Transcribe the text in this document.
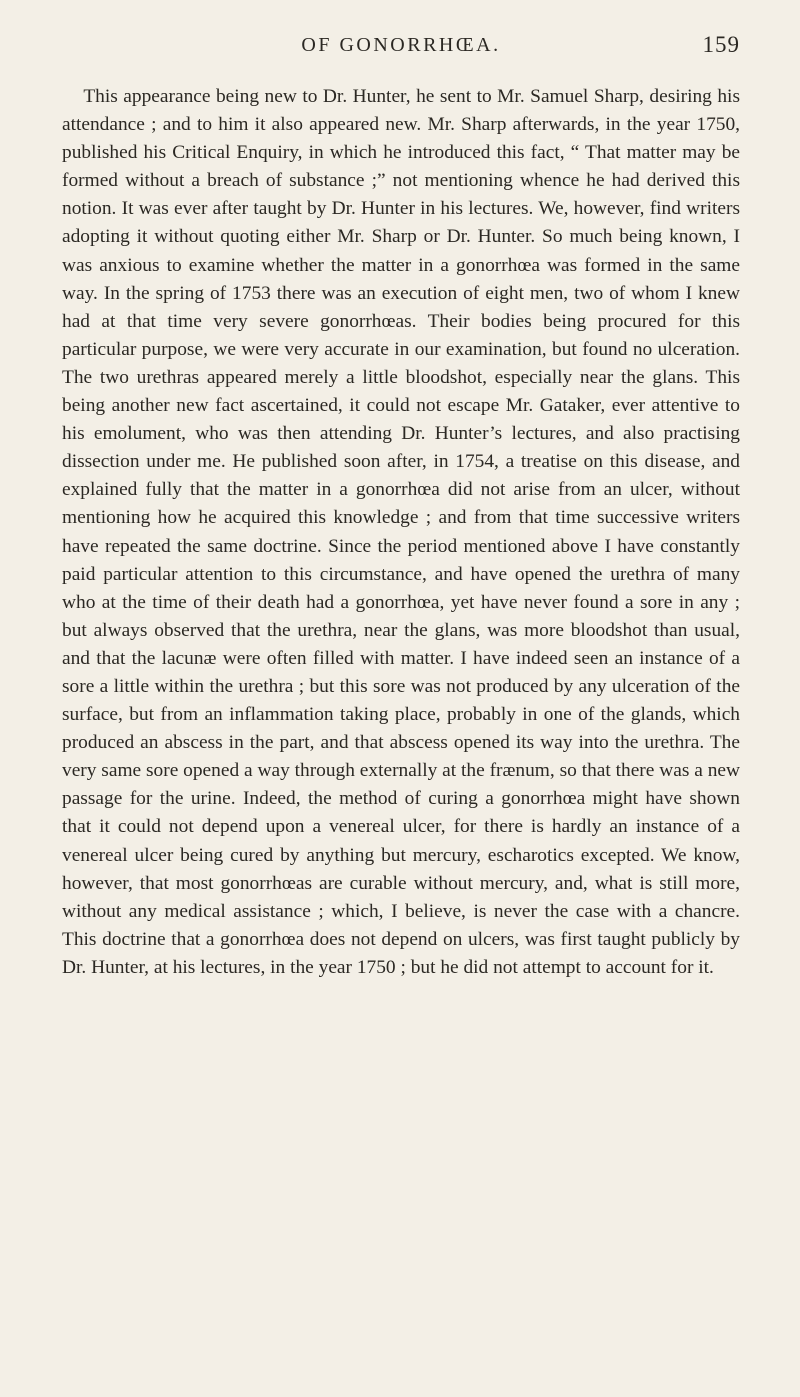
OF GONORRHŒA.	159

This appearance being new to Dr. Hunter, he sent to Mr. Samuel Sharp, desiring his attendance ; and to him it also appeared new. Mr. Sharp afterwards, in the year 1750, published his Critical Enquiry, in which he introduced this fact, “ That matter may be formed without a breach of substance ;” not mentioning whence he had derived this notion. It was ever after taught by Dr. Hunter in his lectures. We, however, find writers adopting it without quoting either Mr. Sharp or Dr. Hunter. So much being known, I was anxious to examine whether the matter in a gonorrhœa was formed in the same way. In the spring of 1753 there was an execution of eight men, two of whom I knew had at that time very severe gonorrhœas. Their bodies being procured for this particular purpose, we were very accurate in our examination, but found no ulceration. The two urethras appeared merely a little bloodshot, especially near the glans. This being another new fact ascertained, it could not escape Mr. Gataker, ever attentive to his emolument, who was then attending Dr. Hunter’s lectures, and also practising dissection under me. He published soon after, in 1754, a treatise on this disease, and explained fully that the matter in a gonorrhœa did not arise from an ulcer, without mentioning how he acquired this knowledge ; and from that time successive writers have repeated the same doctrine. Since the period mentioned above I have constantly paid particular attention to this circumstance, and have opened the urethra of many who at the time of their death had a gonorrhœa, yet have never found a sore in any ; but always observed that the urethra, near the glans, was more bloodshot than usual, and that the lacunæ were often filled with matter. I have indeed seen an instance of a sore a little within the urethra ; but this sore was not produced by any ulceration of the surface, but from an inflammation taking place, probably in one of the glands, which produced an abscess in the part, and that abscess opened its way into the urethra. The very same sore opened a way through externally at the frænum, so that there was a new passage for the urine. Indeed, the method of curing a gonorrhœa might have shown that it could not depend upon a venereal ulcer, for there is hardly an instance of a venereal ulcer being cured by anything but mercury, escharotics excepted. We know, however, that most gonorrhœas are curable without mercury, and, what is still more, without any medical assistance ; which, I believe, is never the case with a chancre. This doctrine that a gonorrhœa does not depend on ulcers, was first taught publicly by Dr. Hunter, at his lectures, in the year 1750 ; but he did not attempt to account for it.
